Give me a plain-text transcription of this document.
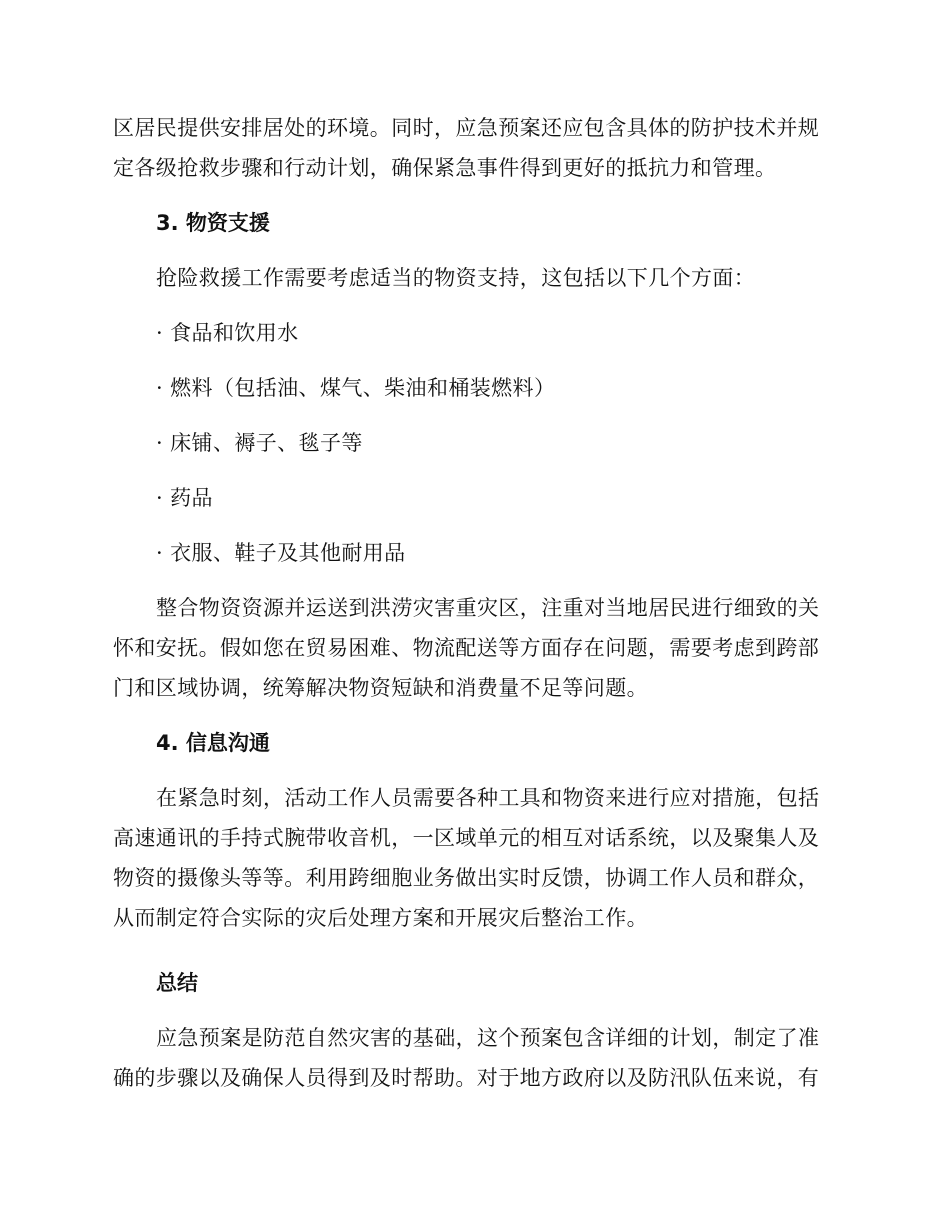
区居民提供安排居处的环境。同时，应急预案还应包含具体的防护技术并规
定各级抢救步骤和行动计划，确保紧急事件得到更好的抵抗力和管理。
3. 物资支援
抢险救援工作需要考虑适当的物资支持，这包括以下几个方面：
· 食品和饮用水
· 燃料（包括油、煤气、柴油和桶装燃料）
· 床铺、褥子、毯子等
· 药品
· 衣服、鞋子及其他耐用品
整合物资资源并运送到洪涝灾害重灾区，注重对当地居民进行细致的关
怀和安抚。假如您在贸易困难、物流配送等方面存在问题，需要考虑到跨部
门和区域协调，统筹解决物资短缺和消费量不足等问题。
4. 信息沟通
在紧急时刻，活动工作人员需要各种工具和物资来进行应对措施，包括
高速通讯的手持式腕带收音机，一区域单元的相互对话系统，以及聚集人及
物资的摄像头等等。利用跨细胞业务做出实时反馈，协调工作人员和群众，
从而制定符合实际的灾后处理方案和开展灾后整治工作。
总结
应急预案是防范自然灾害的基础，这个预案包含详细的计划，制定了准
确的步骤以及确保人员得到及时帮助。对于地方政府以及防汛队伍来说，有
